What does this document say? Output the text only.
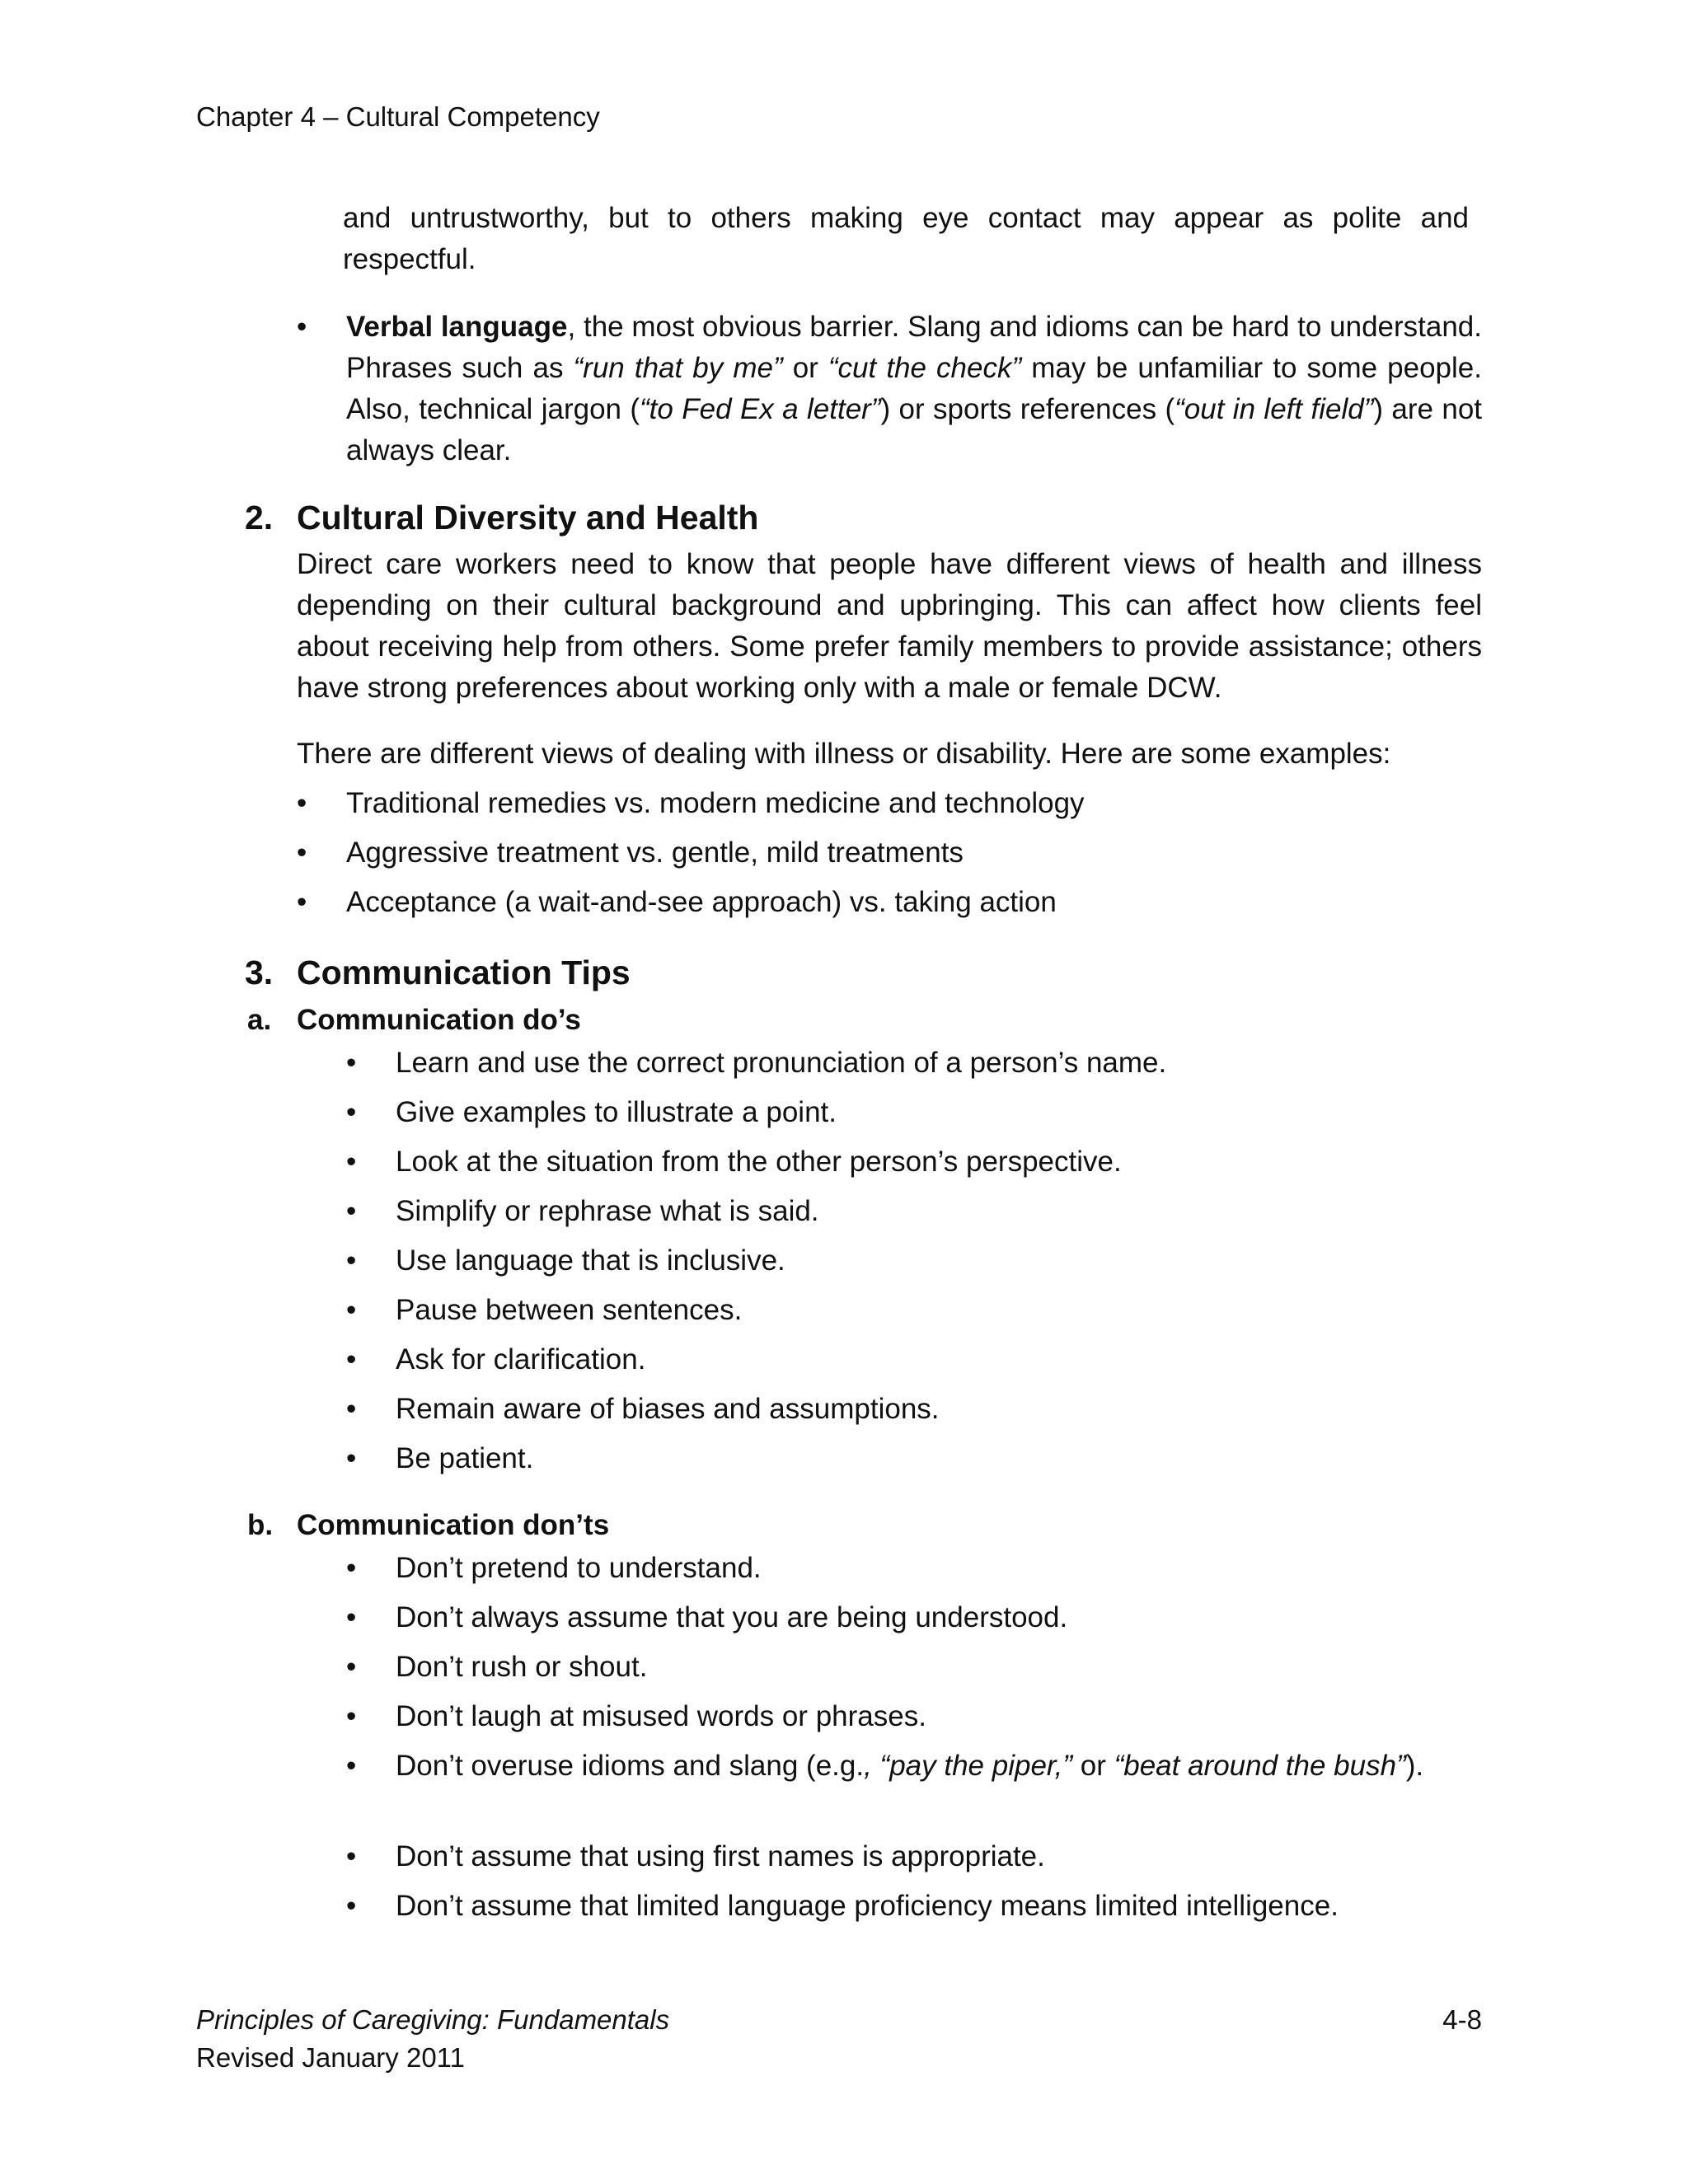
Chapter 4 – Cultural Competency
and untrustworthy, but to others making eye contact may appear as polite and respectful.
• Verbal language, the most obvious barrier. Slang and idioms can be hard to understand. Phrases such as “run that by me” or “cut the check” may be unfamiliar to some people. Also, technical jargon (“to Fed Ex a letter”) or sports references (“out in left field”) are not always clear.
2. Cultural Diversity and Health
Direct care workers need to know that people have different views of health and illness depending on their cultural background and upbringing. This can affect how clients feel about receiving help from others. Some prefer family members to provide assistance; others have strong preferences about working only with a male or female DCW.
There are different views of dealing with illness or disability. Here are some examples:
• Traditional remedies vs. modern medicine and technology
• Aggressive treatment vs. gentle, mild treatments
• Acceptance (a wait-and-see approach) vs. taking action
3. Communication Tips
a. Communication do’s
• Learn and use the correct pronunciation of a person’s name.
• Give examples to illustrate a point.
• Look at the situation from the other person’s perspective.
• Simplify or rephrase what is said.
• Use language that is inclusive.
• Pause between sentences.
• Ask for clarification.
• Remain aware of biases and assumptions.
• Be patient.
b. Communication don’ts
• Don’t pretend to understand.
• Don’t always assume that you are being understood.
• Don’t rush or shout.
• Don’t laugh at misused words or phrases.
• Don’t overuse idioms and slang (e.g., “pay the piper,” or “beat around the bush”).
• Don’t assume that using first names is appropriate.
• Don’t assume that limited language proficiency means limited intelligence.
Principles of Caregiving: Fundamentals
Revised January 2011
4-8
